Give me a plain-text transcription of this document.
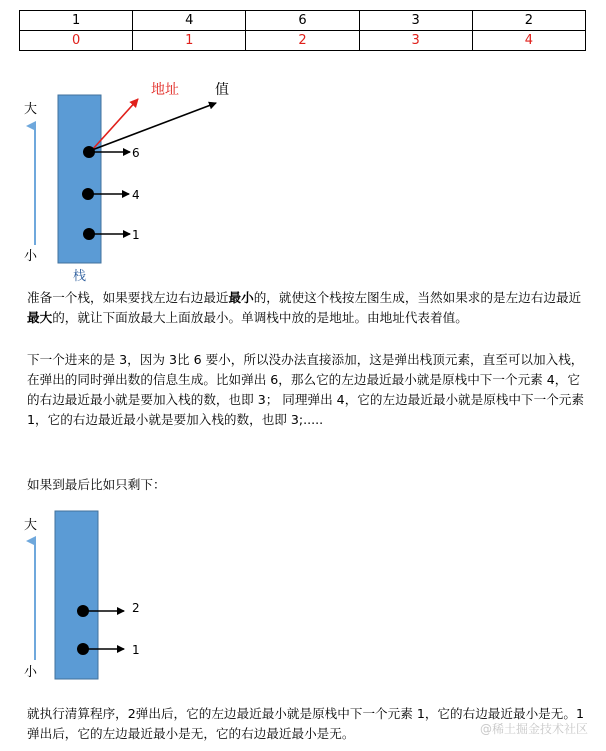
1	4	6	3	2
0	1	2	3	4
大
小
栈
地址	值
6
4
1

准备一个栈，如果要找左边右边最近最小的，就使这个栈按左图生成，当然如果求的是左边右边最近最大的，就让下面放最大上面放最小。单调栈中放的是地址。由地址代表着值。

下一个进来的是 3，因为 3比 6 要小，所以没办法直接添加，这是弹出栈顶元素，直至可以加入栈，在弹出的同时弹出数的信息生成。比如弹出 6，那么它的左边最近最小就是原栈中下一个元素 4，它的右边最近最小就是要加入栈的数，也即 3； 同理弹出 4，它的左边最近最小就是原栈中下一个元素 1，它的右边最近最小就是要加入栈的数，也即 3;.....

如果到最后比如只剩下：

大
小
2
1

就执行清算程序，2弹出后，它的左边最近最小就是原栈中下一个元素 1，它的右边最近最小是无。1弹出后，它的左边最近最小是无，它的右边最近最小是无。	@稀土掘金技术社区
